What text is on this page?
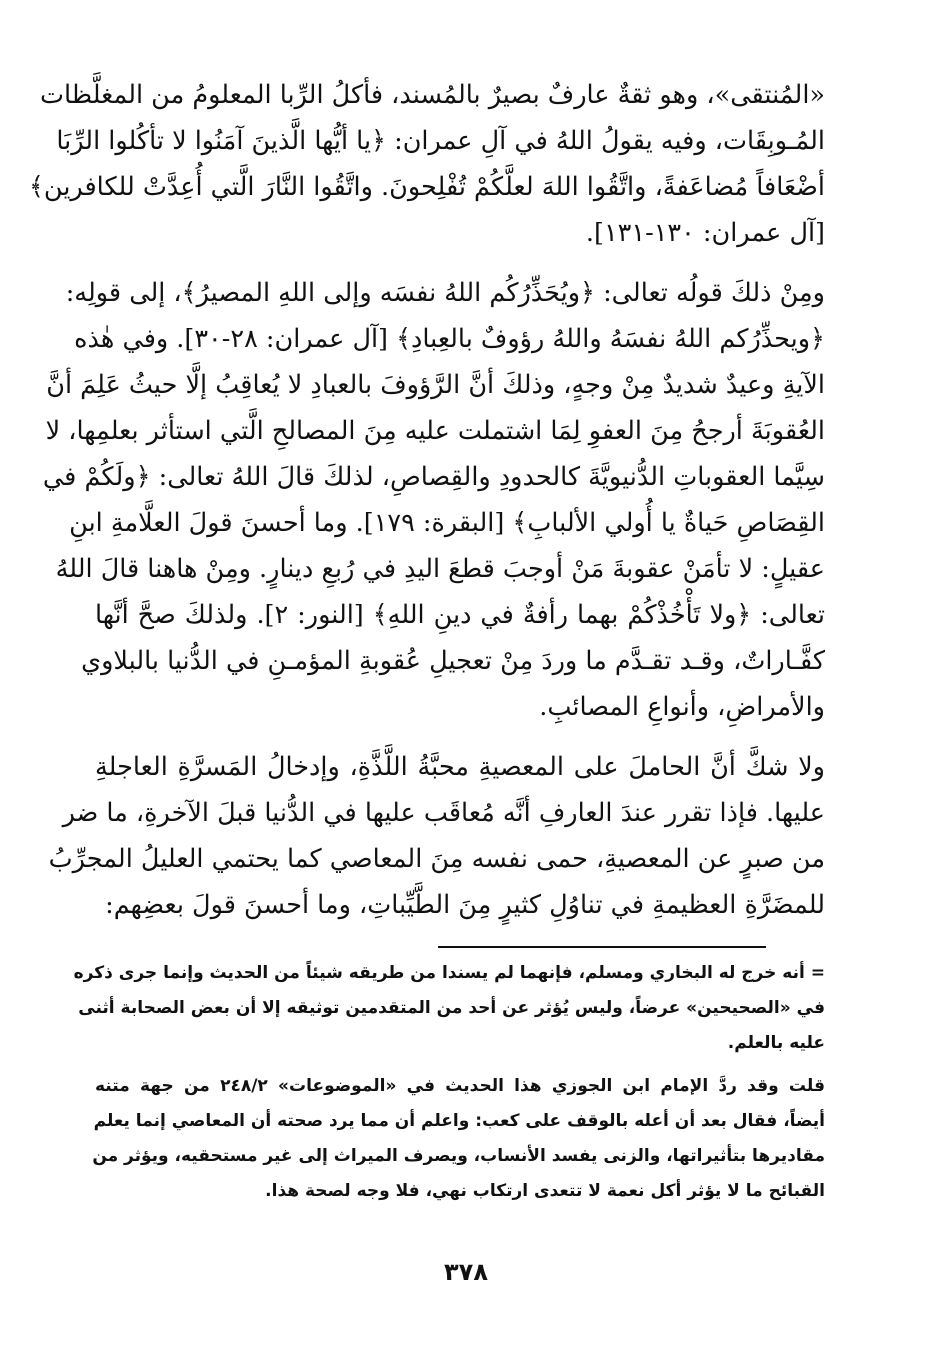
«المُنتقى»، وهو ثقةٌ عارفٌ بصيرٌ بالمُسند، فأكلُ الرِّبا المعلومُ من المغلَّظات
المُـوبِقَات، وفيه يقولُ اللهُ في آلِ عمران: ﴿يا أيُّها الَّذينَ آمَنُوا لا تأكُلوا الرِّبَا
أضْعَافاً مُضاعَفةً، واتَّقُوا اللهَ لعلَّكُمْ تُفْلِحونَ. واتَّقُوا النَّارَ الَّتي أُعِدَّتْ للكافرين﴾
[آل عمران: ١٣٠-١٣١].

ومِنْ ذلكَ قولُه تعالى: ﴿ويُحَذِّرُكُم اللهُ نفسَه وإلى اللهِ المصيرُ﴾، إلى قولِه:
﴿ويحذِّرُكم اللهُ نفسَهُ واللهُ رؤوفٌ بالعِبادِ﴾ [آل عمران: ٢٨-٣٠]. وفي هٰذه
الآيةِ وعيدٌ شديدٌ مِنْ وجهٍ، وذلكَ أنَّ الرَّؤوفَ بالعبادِ لا يُعاقِبُ إلَّا حيثُ عَلِمَ أنَّ
العُقوبَةَ أرجحُ مِنَ العفوِ لِمَا اشتملت عليه مِنَ المصالحِ الَّتي استأثر بعلمِها، لا
سِيَّما العقوباتِ الدُّنيويَّةَ كالحدودِ والقِصاصِ، لذلكَ قالَ اللهُ تعالى: ﴿ولَكُمْ في
القِصَاصِ حَياةٌ يا أُولي الألبابِ﴾ [البقرة: ١٧٩]. وما أحسنَ قولَ العلَّامةِ ابنِ
عقيلٍ: لا تأمَنْ عقوبةَ مَنْ أوجبَ قطعَ اليدِ في رُبعِ دينارٍ. ومِنْ هاهنا قالَ اللهُ
تعالى: ﴿ولا تَأْخُذْكُمْ بهما رأفةٌ في دينِ اللهِ﴾ [النور: ٢]. ولذلكَ صحَّ أنَّها
كفَّـاراتٌ، وقـد تقـدَّم ما وردَ مِنْ تعجيلِ عُقوبةِ المؤمـنِ في الدُّنيا بالبلاوي
والأمراضِ، وأنواعِ المصائبِ.

ولا شكَّ أنَّ الحاملَ على المعصيةِ محبَّةُ اللَّذَّةِ، وإدخالُ المَسرَّةِ العاجلةِ
عليها. فإذا تقرر عندَ العارفِ أنَّه مُعاقَب عليها في الدُّنيا قبلَ الآخرةِ، ما ضر
من صبرٍ عن المعصيةِ، حمى نفسه مِنَ المعاصي كما يحتمي العليلُ المجرِّبُ
للمضَرَّةِ العظيمةِ في تناوُلِ كثيرٍ مِنَ الطَّيِّباتِ، وما أحسنَ قولَ بعضِهم:

= أنه خرج له البخاري ومسلم، فإنهما لم يسندا من طريقه شيئاً من الحديث وإنما جرى ذكره
في «الصحيحين» عرضاً، وليس يُؤثر عن أحد من المتقدمين توثيقه إلا أن بعض الصحابة أثنى
عليه بالعلم.

قلت وقد ردَّ الإمام ابن الجوزي هذا الحديث في «الموضوعات» ٢٤٨/٢ من جهة متنه
أيضاً، فقال بعد أن أعله بالوقف على كعب: واعلم أن مما يرد صحته أن المعاصي إنما يعلم
مقاديرها بتأثيراتها، والزنى يفسد الأنساب، ويصرف الميراث إلى غير مستحقيه، ويؤثر من
القبائح ما لا يؤثر أكل نعمة لا تتعدى ارتكاب نهي، فلا وجه لصحة هذا.

٣٧٨
